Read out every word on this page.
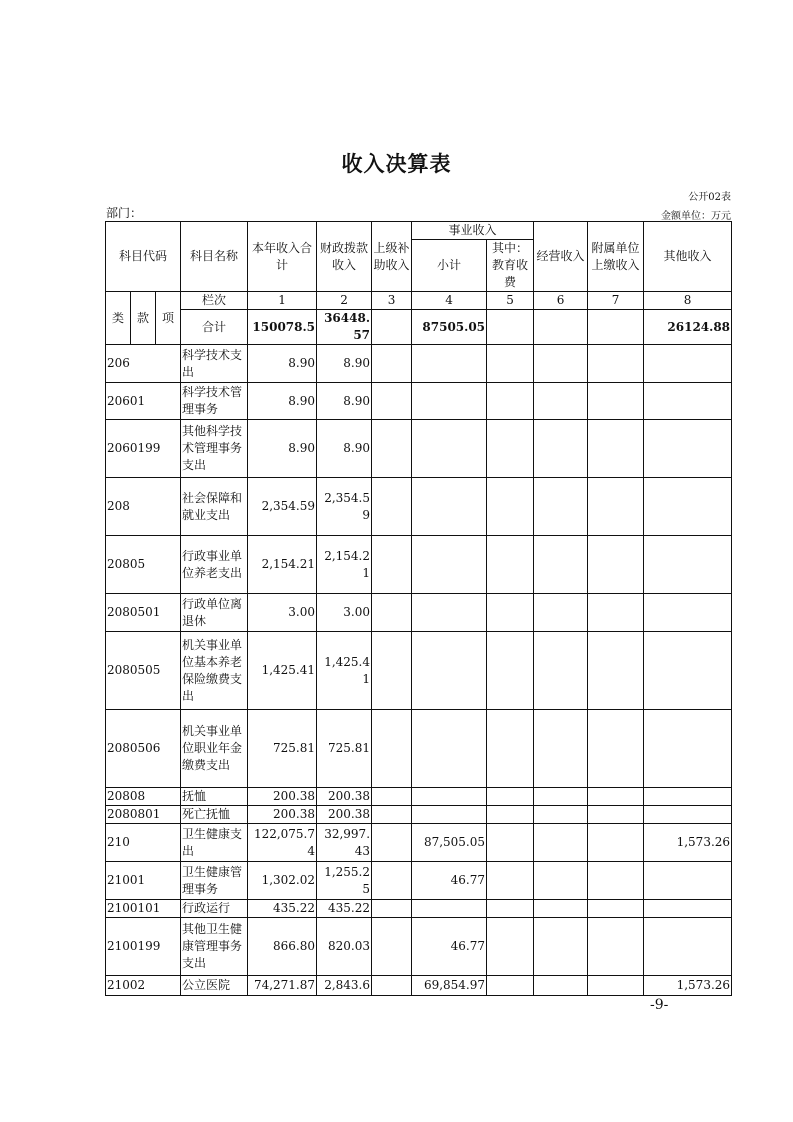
收入决算表
公开02表
部门：	金额单位：万元
科目代码			科目名称	本年收入合计	财政拨款收入	上级补助收入	事业收入		经营收入	附属单位上缴收入	其他收入
							小计	其中：教育收费			

类	款	项	栏次	1	2	3	4	5	6	7	8
			合计	150078.5	36448.57		87505.05				26124.88
206			科学技术支出	8.90	8.90						
20601			科学技术管理事务	8.90	8.90						
2060199			其他科学技术管理事务支出	8.90	8.90						
208			社会保障和就业支出	2,354.59	2,354.59						
20805			行政事业单位养老支出	2,154.21	2,154.21						
2080501			行政单位离退休	3.00	3.00						
2080505			机关事业单位基本养老保险缴费支出	1,425.41	1,425.41						
2080506			机关事业单位职业年金缴费支出	725.81	725.81						
20808			抚恤	200.38	200.38						
2080801			死亡抚恤	200.38	200.38						
210			卫生健康支出	122,075.74	32,997.43		87,505.05				1,573.26
21001			卫生健康管理事务	1,302.02	1,255.25		46.77				
2100101			行政运行	435.22	435.22						
2100199			其他卫生健康管理事务支出	866.80	820.03		46.77				
21002			公立医院	74,271.87	2,843.6		69,854.97				1,573.26
-9-
